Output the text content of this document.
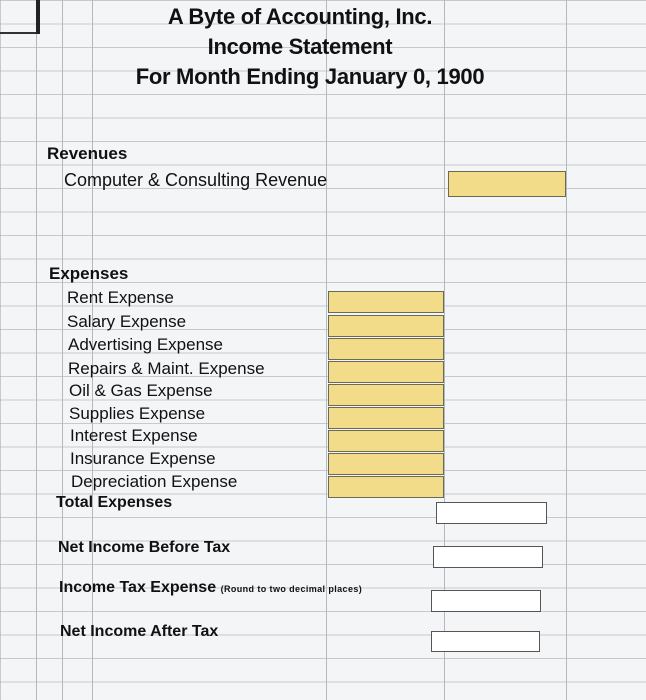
A Byte of Accounting, Inc.
Income Statement
For Month Ending January 0, 1900
Revenues
Computer & Consulting Revenue
Expenses
Rent Expense
Salary Expense
Advertising Expense
Repairs & Maint. Expense
Oil & Gas Expense
Supplies Expense
Interest Expense
Insurance Expense
Depreciation Expense
Total Expenses
Net Income Before Tax
Income Tax Expense (Round to two decimal places)
Net Income After Tax
